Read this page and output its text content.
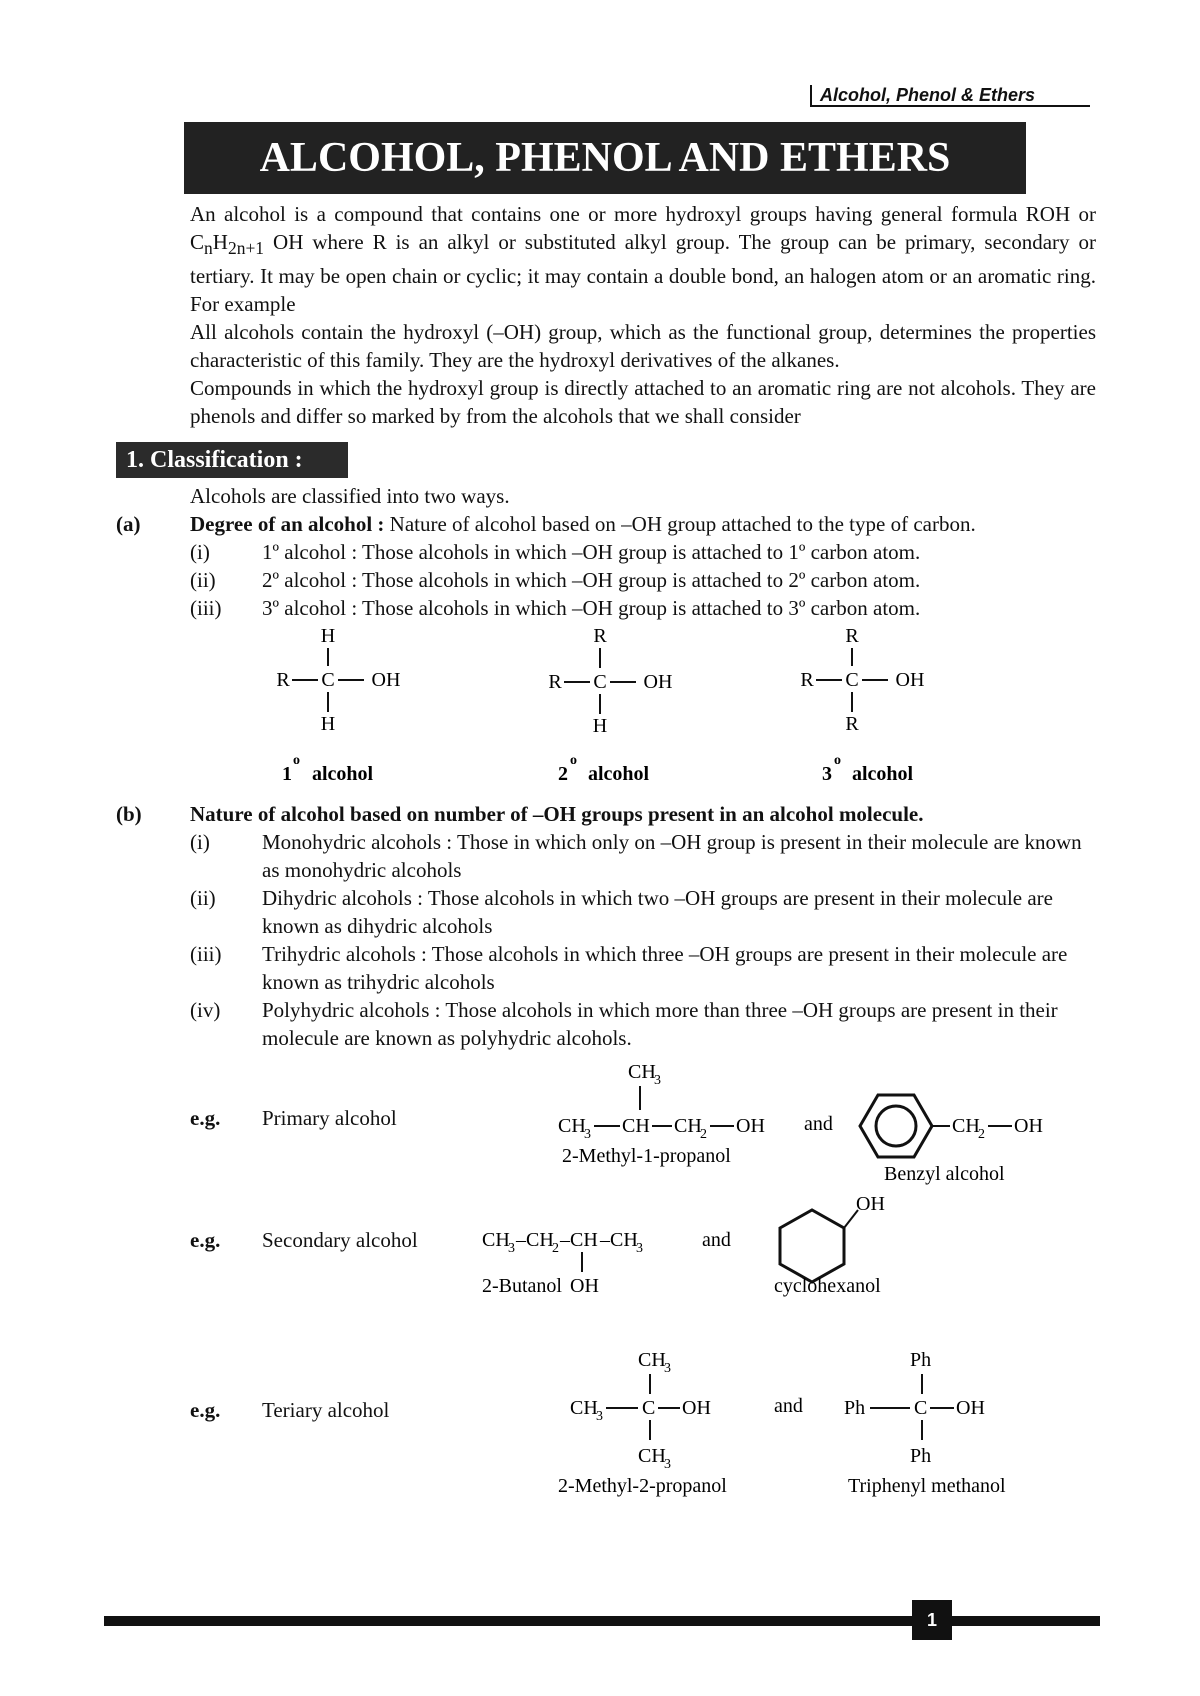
Alcohol, Phenol & Ethers
ALCOHOL, PHENOL AND ETHERS

An alcohol is a compound that contains one or more hydroxyl groups having general formula ROH or $C_nH_{2n+1}$ OH where R is an alkyl or substituted alkyl group. The group can be primary, secondary or tertiary. It may be open chain or cyclic; it may contain a double bond, an halogen atom or an aromatic ring. For example

All alcohols contain the hydroxyl (–OH) group, which as the functional group, determines the properties characteristic of this family. They are the hydroxyl derivatives of the alkanes.

Compounds in which the hydroxyl group is directly attached to an aromatic ring are not alcohols. They are phenols and differ so marked by from the alcohols that we shall consider

1. Classification :
Alcohols are classified into two ways.
(a) Degree of an alcohol : Nature of alcohol based on –OH group attached to the type of carbon.
(i) 1º alcohol : Those alcohols in which –OH group is attached to 1º carbon atom.
(ii) 2º alcohol : Those alcohols in which –OH group is attached to 2º carbon atom.
(iii) 3º alcohol : Those alcohols in which –OH group is attached to 3º carbon atom.
H
R C OH
H
1
o
alcohol
R
R C OH
H
2
o
alcohol
R
R C OH
R
3
o
alcohol
(b) Nature of alcohol based on number of –OH groups present in an alcohol molecule.
(i) Monohydric alcohols : Those in which only on –OH group is present in their molecule are known as monohydric alcohols
(ii) Dihydric alcohols : Those alcohols in which two –OH groups are present in their molecule are known as dihydric alcohols
(iii) Trihydric alcohols : Those alcohols in which three –OH groups are present in their molecule are known as trihydric alcohols
(iv) Polyhydric alcohols : Those alcohols in which more than three –OH groups are present in their molecule are known as polyhydric alcohols.
e.g. Primary alcohol
e.g. Secondary alcohol
e.g. Teriary alcohol
CH
3
CH
3 CH CH
2 OH
2-Methyl-1-propanol
and	CH
2 OH
Benzyl alcohol
CH
3 – CH
2 – CH – CH
3
OH
2-Butanol
and
OH
cyclohexanol
CH
3
CH
3 C OH
CH
3
2-Methyl-2-propanol
and
Ph
Ph C OH
Ph
Triphenyl methanol
1
